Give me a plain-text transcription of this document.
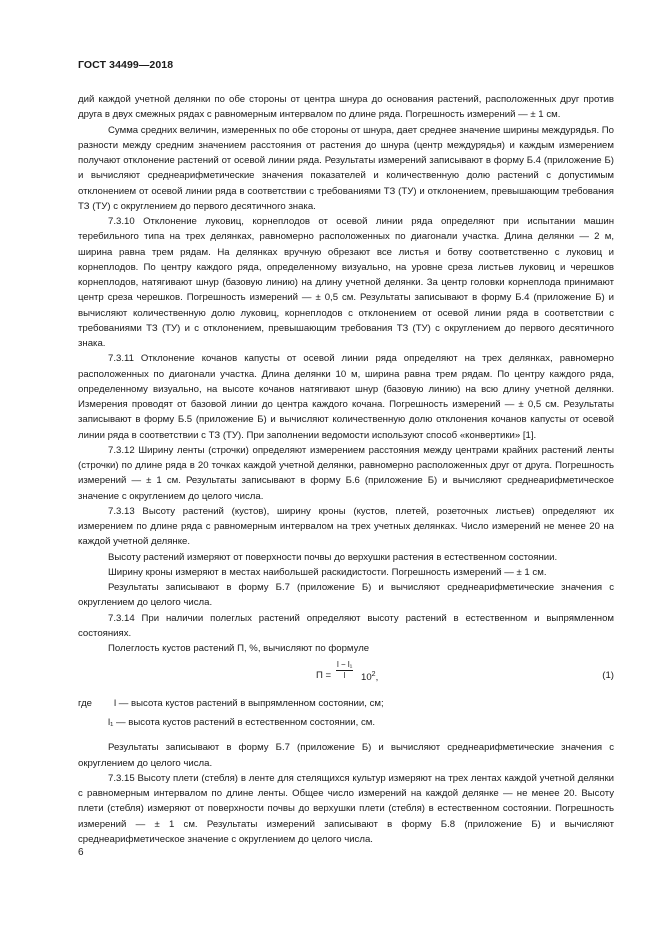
ГОСТ 34499—2018

дий каждой учетной делянки по обе стороны от центра шнура до основания растений, расположенных друг против друга в двух смежных рядах с равномерным интервалом по длине ряда. Погрешность измерений — ± 1 см.

Сумма средних величин, измеренных по обе стороны от шнура, дает среднее значение ширины междурядья. По разности между средним значением расстояния от растения до шнура (центр междурядья) и каждым измерением получают отклонение растений от осевой линии ряда. Результаты измерений записывают в форму Б.4 (приложение Б) и вычисляют среднеарифметические значения показателей и количественную долю растений с допустимым отклонением от осевой линии ряда в соответствии с требованиями ТЗ (ТУ) и отклонением, превышающим требования ТЗ (ТУ) с округлением до первого десятичного знака.

7.3.10 Отклонение луковиц, корнеплодов от осевой линии ряда определяют при испытании машин теребильного типа на трех делянках, равномерно расположенных по диагонали участка. Длина делянки — 2 м, ширина равна трем рядам. На делянках вручную обрезают все листья и ботву соответственно с луковиц и корнеплодов. По центру каждого ряда, определенному визуально, на уровне среза листьев луковиц и черешков корнеплодов, натягивают шнур (базовую линию) на длину учетной делянки. За центр головки корнеплода принимают центр среза черешков. Погрешность измерений — ± 0,5 см. Результаты записывают в форму Б.4 (приложение Б) и вычисляют количественную долю луковиц, корнеплодов с отклонением от осевой линии ряда в соответствии с требованиями ТЗ (ТУ) и с отклонением, превышающим требования ТЗ (ТУ) с округлением до первого десятичного знака.

7.3.11 Отклонение кочанов капусты от осевой линии ряда определяют на трех делянках, равномерно расположенных по диагонали участка. Длина делянки 10 м, ширина равна трем рядам. По центру каждого ряда, определенному визуально, на высоте кочанов натягивают шнур (базовую линию) на всю длину учетной делянки. Измерения проводят от базовой линии до центра каждого кочана. Погрешность измерений — ± 0,5 см. Результаты записывают в форму Б.5 (приложение Б) и вычисляют количественную долю отклонения кочанов капусты от осевой линии ряда в соответствии с ТЗ (ТУ). При заполнении ведомости используют способ «конвертики» [1].

7.3.12 Ширину ленты (строчки) определяют измерением расстояния между центрами крайних растений ленты (строчки) по длине ряда в 20 точках каждой учетной делянки, равномерно расположенных друг от друга. Погрешность измерений — ± 1 см. Результаты записывают в форму Б.6 (приложение Б) и вычисляют среднеарифметическое значение с округлением до целого числа.

7.3.13 Высоту растений (кустов), ширину кроны (кустов, плетей, розеточных листьев) определяют их измерением по длине ряда с равномерным интервалом на трех учетных делянках. Число измерений не менее 20 на каждой учетной делянке.

Высоту растений измеряют от поверхности почвы до верхушки растения в естественном состоянии.

Ширину кроны измеряют в местах наибольшей раскидистости. Погрешность измерений — ± 1 см.

Результаты записывают в форму Б.7 (приложение Б) и вычисляют среднеарифметические значения с округлением до целого числа.

7.3.14 При наличии полеглых растений определяют высоту растений в естественном и выпрямленном состояниях.

Полеглость кустов растений П, %, вычисляют по формуле

$П = \frac{\text{l − l₁}}{l} 10^2$,	(1)
где l — высота кустов растений в выпрямленном состоянии, см;
l₁ — высота кустов растений в естественном состоянии, см.

Результаты записывают в форму Б.7 (приложение Б) и вычисляют среднеарифметические значения с округлением до целого числа.

7.3.15 Высоту плети (стебля) в ленте для стелящихся культур измеряют на трех лентах каждой учетной делянки с равномерным интервалом по длине ленты. Общее число измерений на каждой делянке — не менее 20. Высоту плети (стебля) измеряют от поверхности почвы до верхушки плети (стебля) в естественном состоянии. Погрешность измерений — ± 1 см. Результаты измерений записывают в форму Б.8 (приложение Б) и вычисляют среднеарифметическое значение с округлением до целого числа.

6
